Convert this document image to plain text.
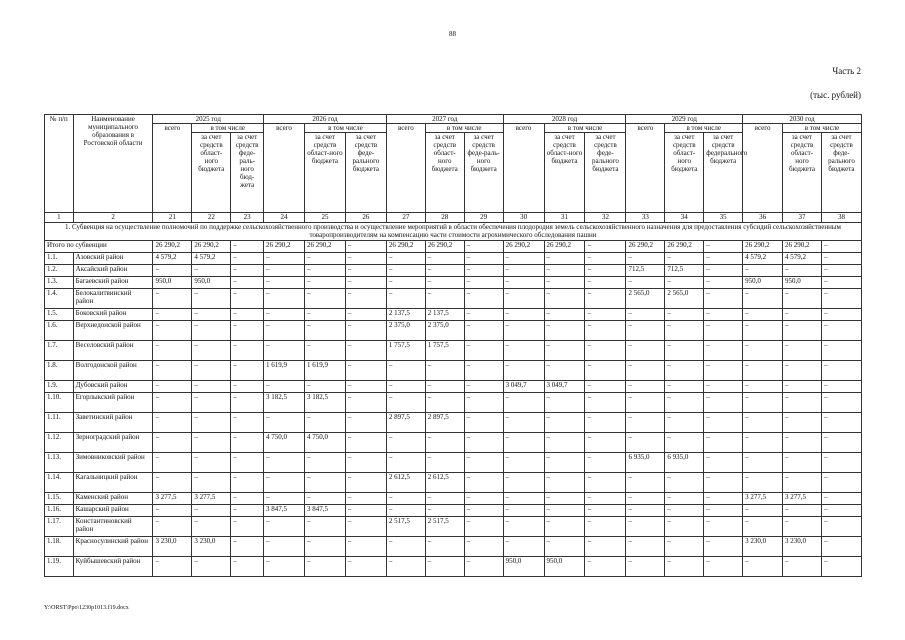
88
Часть 2
(тыс. рублей)
№ п/п	Наименование муниципального образования в Ростовской области	2025 год			2026 год			2027 год			2028 год			2029 год			2030 год		
		всего	в том числе		всего	в том числе		всего	в том числе		всего	в том числе		всего	в том числе		всего	в том числе	
			за счет средств област-ного бюджета	за счет средств феде-раль-ного бюд-жета		за счет средств област-ного бюджета	за счет средств феде-рального бюджета		за счет средств област-ного бюджета	за счет средств феде-раль-ного бюджета		за счет средств област-ного бюджета	за счет средств феде-рального бюджета		за счет средств област-ного бюджета	за счет средств федерального бюджета		за счет средств област-ного бюджета	за счет средств феде-рального бюджета
1	2	21	22	23	24	25	26	27	28	29	30	31	32	33	34	35	36	37	38
1. Субвенция на осуществление полномочий по поддержке сельскохозяйственного производства и осуществление мероприятий в области обеспечения плодородия земель сельскохозяйственного назначения для предоставления субсидий сельскохозяйственным товаропроизводителям на компенсацию части стоимости агрохимического обследования пашни																			
Итого по субвенции		26 290,2	26 290,2	–	26 290,2	26 290,2	–	26 290,2	26 290,2	–	26 290,2	26 290,2	–	26 290,2	26 290,2	–	26 290,2	26 290,2	–
1.1.	Азовский район	4 579,2	4 579,2	–	–	–	–	–	–	–	–	–	–	–	–	–	4 579,2	4 579,2	–
1.2.	Аксайский район	–	–	–	–	–	–	–	–	–	–	–	–	712,5	712,5	–	–	–	–
1.3.	Багаевский район	950,0	950,0	–	–	–	–	–	–	–	–	–	–	–	–	–	950,0	950,0	–
1.4.	Белокалитвинский район	–	–	–	–	–	–	–	–	–	–	–	–	2 565,0	2 565,0	–	–	–	–
1.5.	Боковский район	–	–	–	–	–	–	2 137,5	2 137,5	–	–	–	–	–	–	–	–	–	–
1.6.	Верхнедонской район	–	–	–	–	–	–	2 375,0	2 375,0	–	–	–	–	–	–	–	–	–	–
1.7.	Веселовский район	–	–	–	–	–	–	1 757,5	1 757,5	–	–	–	–	–	–	–	–	–	–
1.8.	Волгодонской район	–	–	–	1 619,9	1 619,9	–	–	–	–	–	–	–	–	–	–	–	–	–
1.9.	Дубовский район	–	–	–	–	–	–	–	–	–	3 049,7	3 049,7	–	–	–	–	–	–	–
1.10.	Егорлыкский район	–	–	–	3 182,5	3 182,5	–	–	–	–	–	–	–	–	–	–	–	–	–
1.11.	Заветинский район	–	–	–	–	–	–	2 897,5	2 897,5	–	–	–	–	–	–	–	–	–	–
1.12.	Зерноградский район	–	–	–	4 750,0	4 750,0	–	–	–	–	–	–	–	–	–	–	–	–	–
1.13.	Зимовниковский район	–	–	–	–	–	–	–	–	–	–	–	–	6 935,0	6 935,0	–	–	–	–
1.14.	Кагальницкий район	–	–	–	–	–	–	2 612,5	2 612,5	–	–	–	–	–	–	–	–	–	–
1.15.	Каменский район	3 277,5	3 277,5	–	–	–	–	–	–	–	–	–	–	–	–	–	3 277,5	3 277,5	–
1.16.	Кашарский район	–	–	–	3 847,5	3 847,5	–	–	–	–	–	–	–	–	–	–	–	–	–
1.17.	Константиновский район	–	–	–	–	–	–	2 517,5	2 517,5	–	–	–	–	–	–	–	–	–	–
1.18.	Красносулинский район	3 230,0	3 230,0	–	–	–	–	–	–	–	–	–	–	–	–	–	3 230,0	3 230,0	–
1.19.	Куйбышевский район	–	–	–	–	–	–	–	–	–	950,0	950,0	–	–	–	–	–	–	–
Y:\ORST\Ppo\1230p1013.f19.docx
